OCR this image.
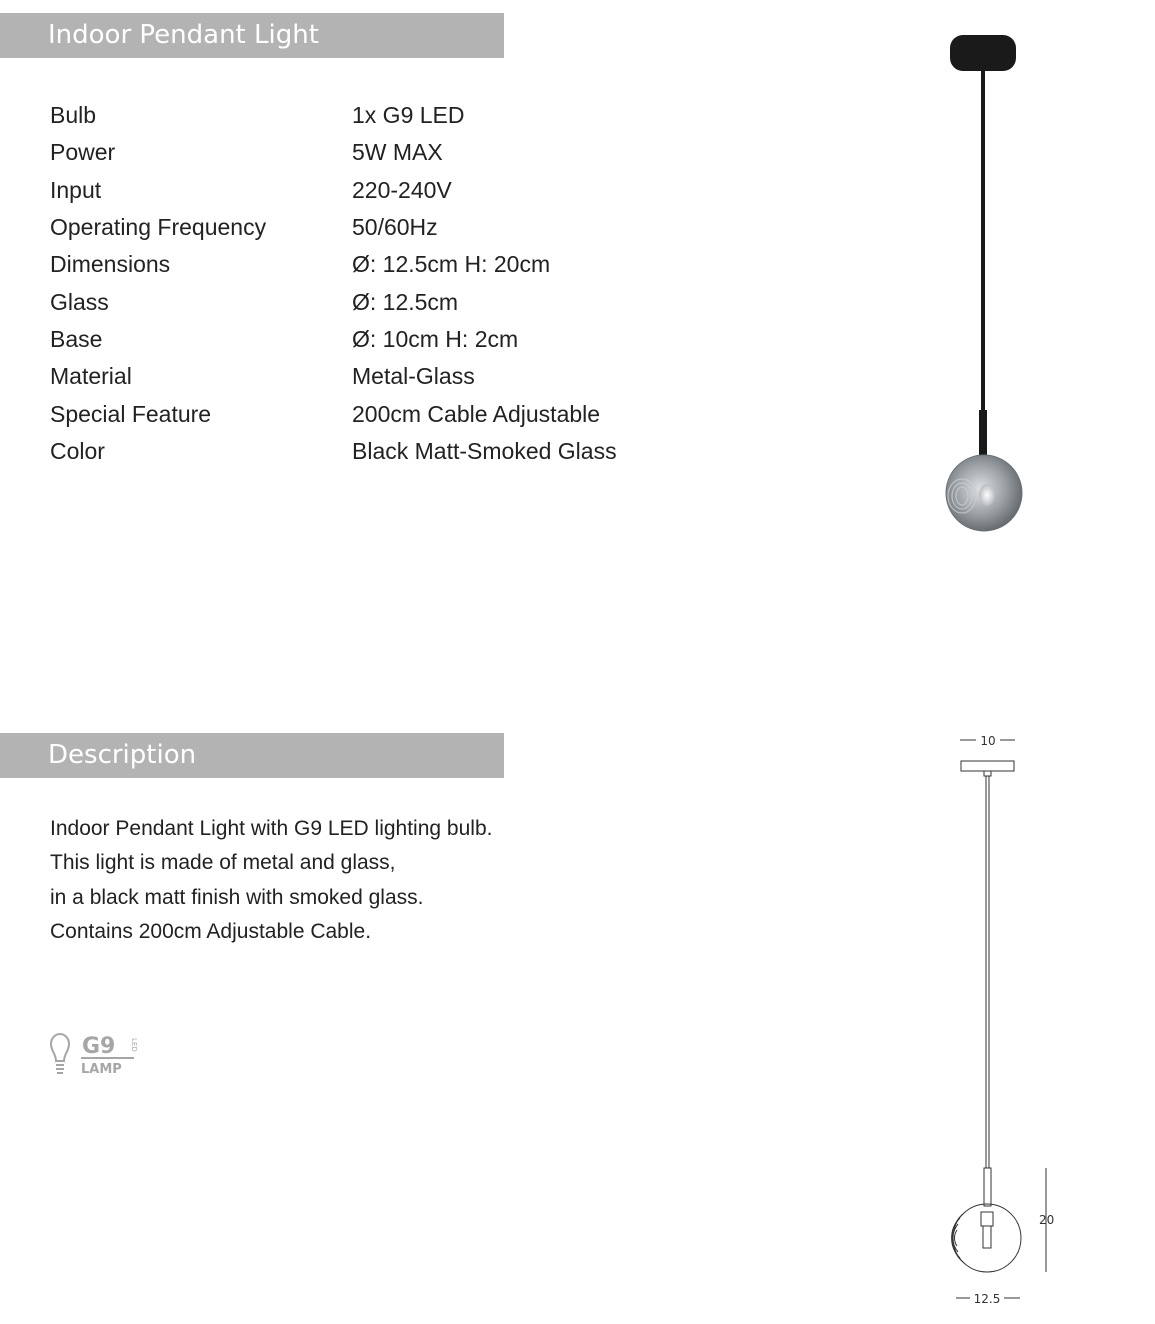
Indoor Pendant Light
Bulb	1x G9 LED
Power	5W MAX
Input	220-240V
Operating Frequency	50/60Hz
Dimensions	Ø: 12.5cm H: 20cm
Glass	Ø: 12.5cm
Base	Ø: 10cm H: 2cm
Material	Metal-Glass
Special Feature	200cm Cable Adjustable
Color	Black Matt-Smoked Glass
Description
Indoor Pendant Light with G9 LED lighting bulb.
This light is made of metal and glass,
in a black matt finish with smoked glass.
Contains 200cm Adjustable Cable.
G9 LED
LAMP
10
20
12.5
